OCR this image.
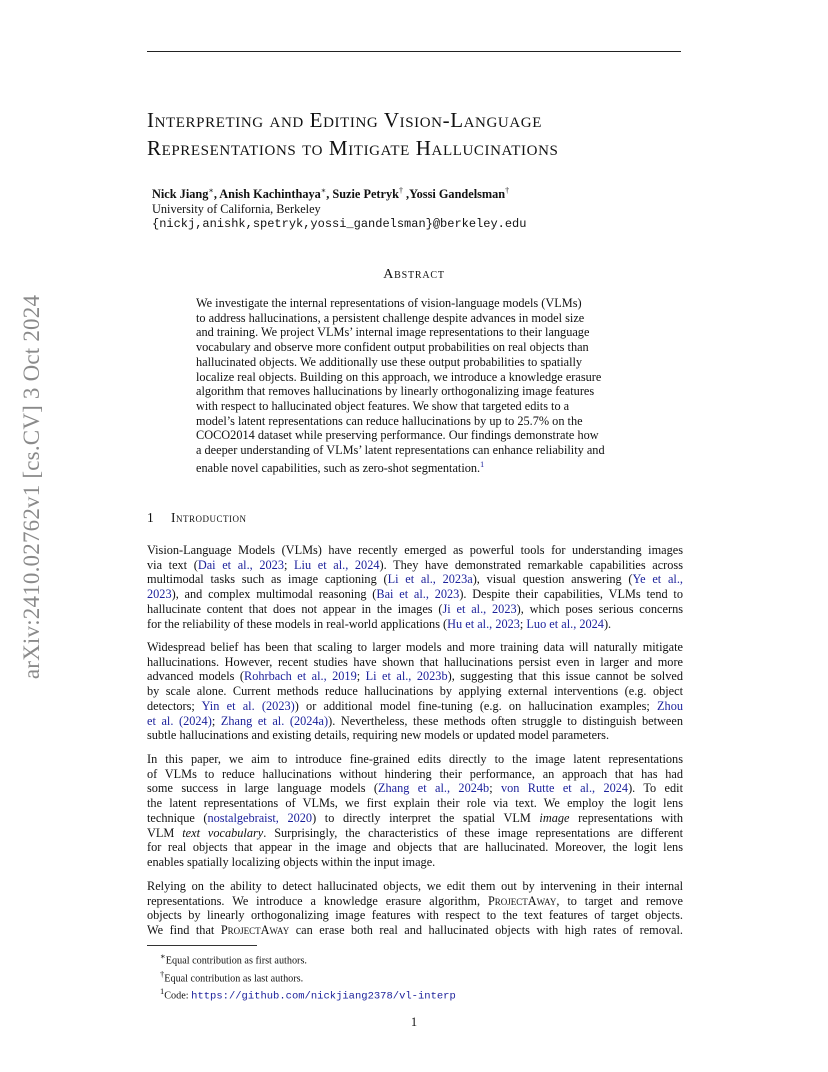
arXiv:2410.02762v1 [cs.CV] 3 Oct 2024
Interpreting and Editing Vision-Language
Representations to Mitigate Hallucinations
Nick Jiang∗, Anish Kachinthaya∗, Suzie Petryk† ,Yossi Gandelsman†
University of California, Berkeley
{nickj,anishk,spetryk,yossi_gandelsman}@berkeley.edu
Abstract
We investigate the internal representations of vision-language models (VLMs)
to address hallucinations, a persistent challenge despite advances in model size
and training. We project VLMs’ internal image representations to their language
vocabulary and observe more confident output probabilities on real objects than
hallucinated objects. We additionally use these output probabilities to spatially
localize real objects. Building on this approach, we introduce a knowledge erasure
algorithm that removes hallucinations by linearly orthogonalizing image features
with respect to hallucinated object features. We show that targeted edits to a
model’s latent representations can reduce hallucinations by up to 25.7% on the
COCO2014 dataset while preserving performance. Our findings demonstrate how
a deeper understanding of VLMs’ latent representations can enhance reliability and
enable novel capabilities, such as zero-shot segmentation.$^1$
1 Introduction
Vision-Language Models (VLMs) have recently emerged as powerful tools for understanding images
via text (Dai et al., 2023; Liu et al., 2024). They have demonstrated remarkable capabilities across
multimodal tasks such as image captioning (Li et al., 2023a), visual question answering (Ye et al.,
2023), and complex multimodal reasoning (Bai et al., 2023). Despite their capabilities, VLMs tend to
hallucinate content that does not appear in the images (Ji et al., 2023), which poses serious concerns
for the reliability of these models in real-world applications (Hu et al., 2023; Luo et al., 2024).
Widespread belief has been that scaling to larger models and more training data will naturally mitigate
hallucinations. However, recent studies have shown that hallucinations persist even in larger and more
advanced models (Rohrbach et al., 2019; Li et al., 2023b), suggesting that this issue cannot be solved
by scale alone. Current methods reduce hallucinations by applying external interventions (e.g. object
detectors; Yin et al. (2023)) or additional model fine-tuning (e.g. on hallucination examples; Zhou
et al. (2024); Zhang et al. (2024a)). Nevertheless, these methods often struggle to distinguish between
subtle hallucinations and existing details, requiring new models or updated model parameters.
In this paper, we aim to introduce fine-grained edits directly to the image latent representations
of VLMs to reduce hallucinations without hindering their performance, an approach that has had
some success in large language models (Zhang et al., 2024b; von Rutte et al., 2024). To edit
the latent representations of VLMs, we first explain their role via text. We employ the logit lens
technique (nostalgebraist, 2020) to directly interpret the spatial VLM image representations with
VLM text vocabulary. Surprisingly, the characteristics of these image representations are different
for real objects that appear in the image and objects that are hallucinated. Moreover, the logit lens
enables spatially localizing objects within the input image.
Relying on the ability to detect hallucinated objects, we edit them out by intervening in their internal
representations. We introduce a knowledge erasure algorithm, ProjectAway, to target and remove
objects by linearly orthogonalizing image features with respect to the text features of target objects.
We find that ProjectAway can erase both real and hallucinated objects with high rates of removal.
∗Equal contribution as first authors.
†Equal contribution as last authors.
$^1$Code: https://github.com/nickjiang2378/vl-interp
1
